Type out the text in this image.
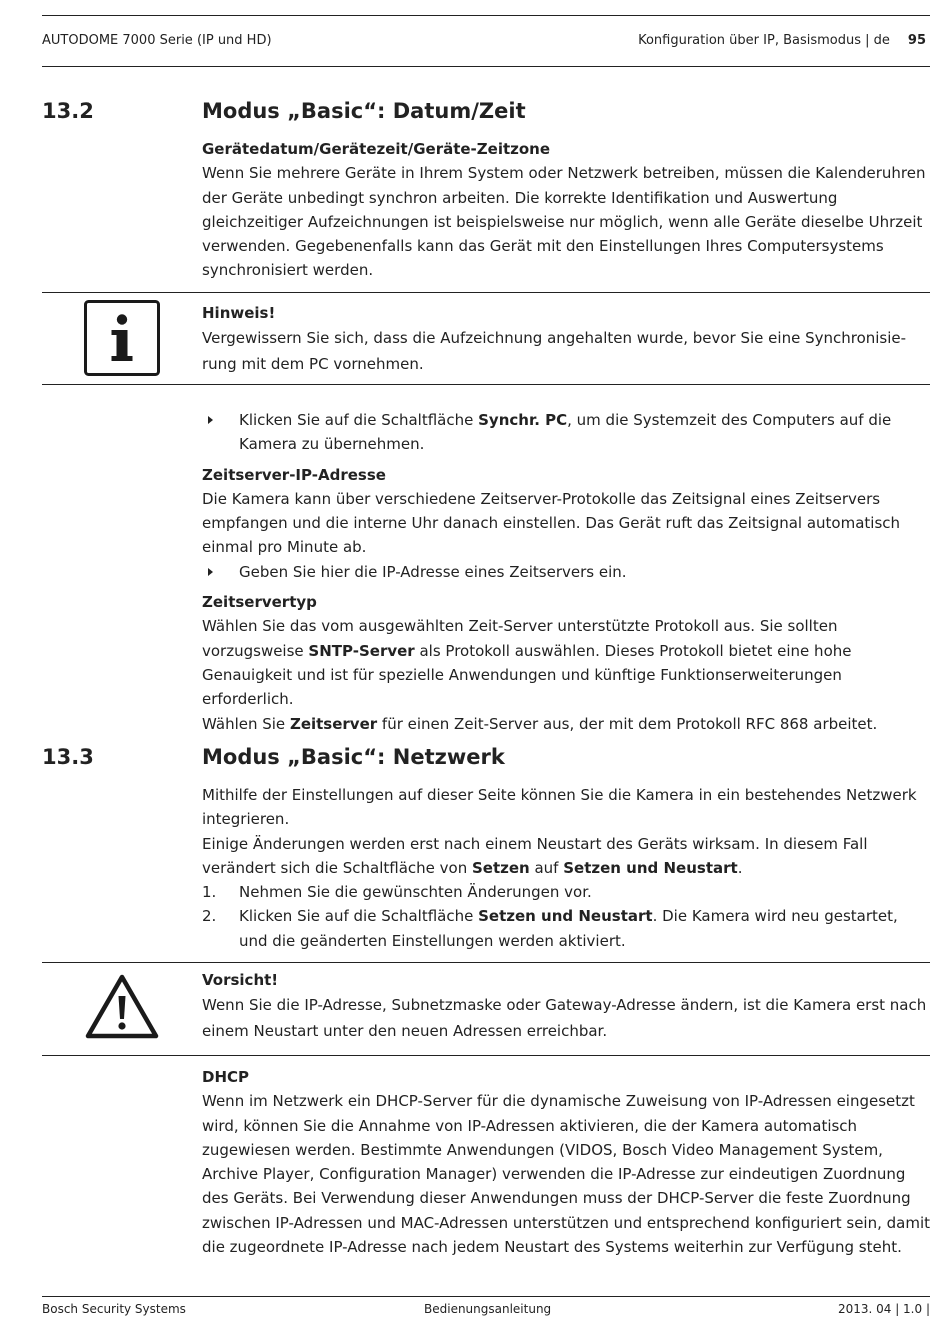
AUTODOME 7000 Serie (IP und HD)	Konfiguration über IP, Basismodus | de 95
13.2	Modus „Basic“: Datum/Zeit

Gerätedatum/Gerätezeit/Geräte-Zeitzone

Wenn Sie mehrere Geräte in Ihrem System oder Netzwerk betreiben, müssen die Kalenderuhren der Geräte unbedingt synchron arbeiten. Die korrekte Identifikation und Auswertung gleichzeitiger Aufzeichnungen ist beispielsweise nur möglich, wenn alle Geräte dieselbe Uhrzeit verwenden. Gegebenenfalls kann das Gerät mit den Einstellungen Ihres Computersystems synchronisiert werden.

Hinweis!
Vergewissern Sie sich, dass die Aufzeichnung angehalten wurde, bevor Sie eine Synchronisierung mit dem PC vornehmen.
Klicken Sie auf die Schaltfläche Synchr. PC, um die Systemzeit des Computers auf die Kamera zu übernehmen.

Zeitserver-IP-Adresse

Die Kamera kann über verschiedene Zeitserver-Protokolle das Zeitsignal eines Zeitservers empfangen und die interne Uhr danach einstellen. Das Gerät ruft das Zeitsignal automatisch einmal pro Minute ab.

Geben Sie hier die IP-Adresse eines Zeitservers ein.

Zeitservertyp

Wählen Sie das vom ausgewählten Zeit-Server unterstützte Protokoll aus. Sie sollten vorzugsweise SNTP-Server als Protokoll auswählen. Dieses Protokoll bietet eine hohe Genauigkeit und ist für spezielle Anwendungen und künftige Funktionserweiterungen erforderlich.

Wählen Sie Zeitserver für einen Zeit-Server aus, der mit dem Protokoll RFC 868 arbeitet.

13.3	Modus „Basic“: Netzwerk

Mithilfe der Einstellungen auf dieser Seite können Sie die Kamera in ein bestehendes Netzwerk integrieren.

Einige Änderungen werden erst nach einem Neustart des Geräts wirksam. In diesem Fall verändert sich die Schaltfläche von Setzen auf Setzen und Neustart.

1.	Nehmen Sie die gewünschten Änderungen vor.
2.	Klicken Sie auf die Schaltfläche Setzen und Neustart. Die Kamera wird neu gestartet, und die geänderten Einstellungen werden aktiviert.
Vorsicht!
Wenn Sie die IP-Adresse, Subnetzmaske oder Gateway-Adresse ändern, ist die Kamera erst nach einem Neustart unter den neuen Adressen erreichbar.

DHCP

Wenn im Netzwerk ein DHCP-Server für die dynamische Zuweisung von IP-Adressen eingesetzt wird, können Sie die Annahme von IP-Adressen aktivieren, die der Kamera automatisch zugewiesen werden. Bestimmte Anwendungen (VIDOS, Bosch Video Management System, Archive Player, Configuration Manager) verwenden die IP-Adresse zur eindeutigen Zuordnung des Geräts. Bei Verwendung dieser Anwendungen muss der DHCP-Server die feste Zuordnung zwischen IP-Adressen und MAC-Adressen unterstützen und entsprechend konfiguriert sein, damit die zugeordnete IP-Adresse nach jedem Neustart des Systems weiterhin zur Verfügung steht.

Bosch Security Systems	Bedienungsanleitung	2013. 04 | 1.0 |
